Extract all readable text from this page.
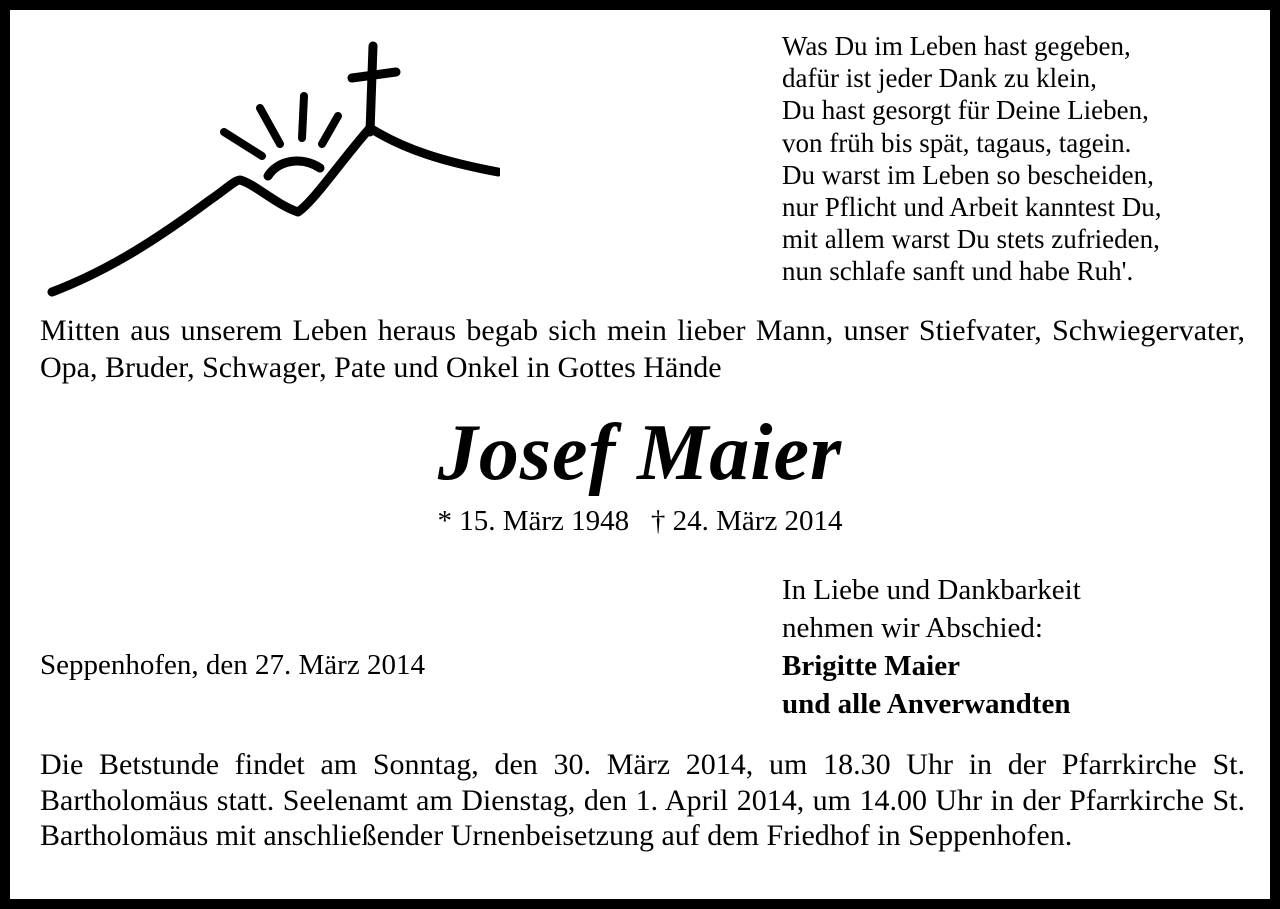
Was Du im Leben hast gegeben,
dafür ist jeder Dank zu klein,
Du hast gesorgt für Deine Lieben,
von früh bis spät, tagaus, tagein.
Du warst im Leben so bescheiden,
nur Pflicht und Arbeit kanntest Du,
mit allem warst Du stets zufrieden,
nun schlafe sanft und habe Ruh'.
Mitten aus unserem Leben heraus begab sich mein lieber Mann, unser Stiefvater, Schwiegervater, Opa, Bruder, Schwager, Pate und Onkel in Gottes Hände
Josef Maier
* 15. März 1948   † 24. März 2014
Seppenhofen, den 27. März 2014
In Liebe und Dankbarkeit
nehmen wir Abschied:
Brigitte Maier
und alle Anverwandten
Die Betstunde findet am Sonntag, den 30. März 2014, um 18.30 Uhr in der Pfarrkirche St. Bartholomäus statt. Seelenamt am Dienstag, den 1. April 2014, um 14.00 Uhr in der Pfarrkirche St. Bartholomäus mit anschließender Urnenbeisetzung auf dem Friedhof in Seppenhofen.
